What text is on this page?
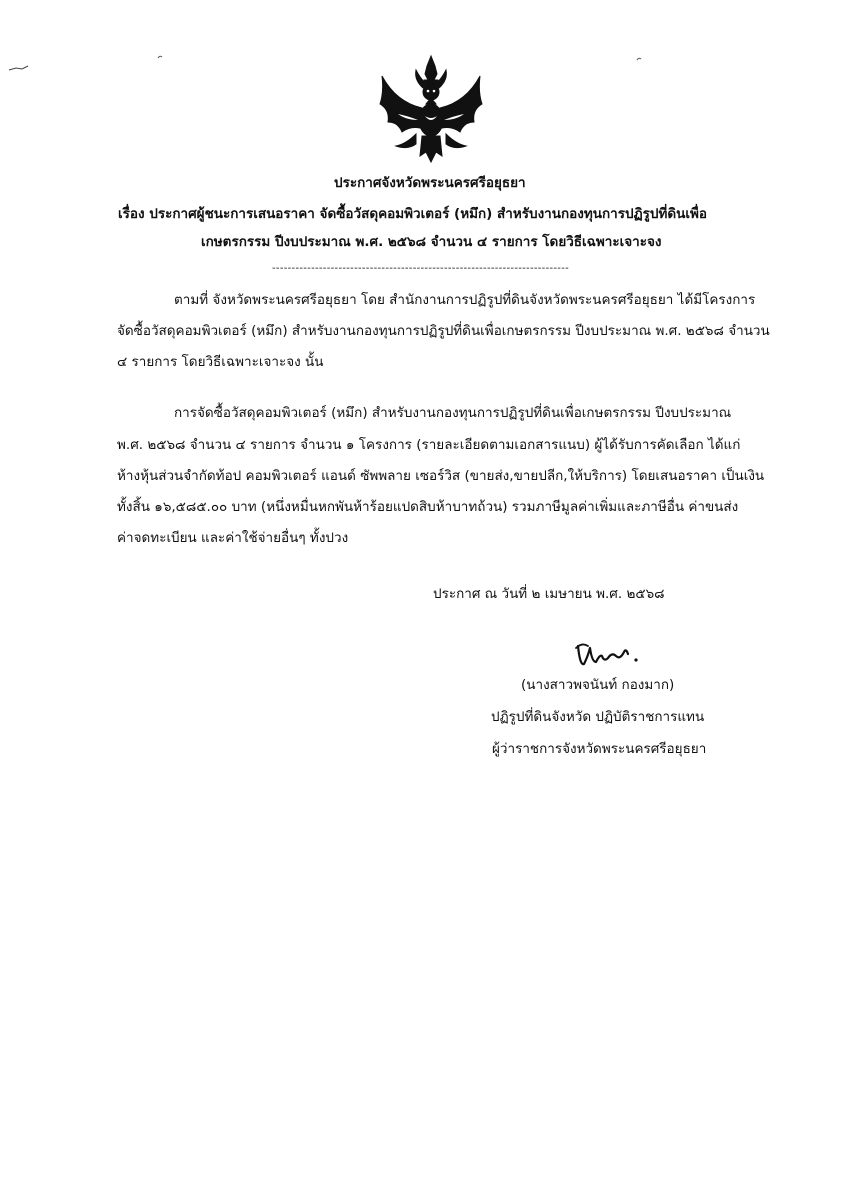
ประกาศจังหวัดพระนครศรีอยุธยา
เรื่อง ประกาศผู้ชนะการเสนอราคา จัดซื้อวัสดุคอมพิวเตอร์ (หมึก) สำหรับงานกองทุนการปฏิรูปที่ดินเพื่อ
เกษตรกรรม ปีงบประมาณ พ.ศ. ๒๕๖๘ จำนวน ๔ รายการ โดยวิธีเฉพาะเจาะจง
----------------------------------------------------------------------------
ตามที่ จังหวัดพระนครศรีอยุธยา โดย สำนักงานการปฏิรูปที่ดินจังหวัดพระนครศรีอยุธยา ได้มีโครงการ
จัดซื้อวัสดุคอมพิวเตอร์ (หมึก) สำหรับงานกองทุนการปฏิรูปที่ดินเพื่อเกษตรกรรม ปีงบประมาณ พ.ศ. ๒๕๖๘ จำนวน
๔ รายการ โดยวิธีเฉพาะเจาะจง นั้น
การจัดซื้อวัสดุคอมพิวเตอร์ (หมึก) สำหรับงานกองทุนการปฏิรูปที่ดินเพื่อเกษตรกรรม ปีงบประมาณ
พ.ศ. ๒๕๖๘ จำนวน ๔ รายการ จำนวน ๑ โครงการ (รายละเอียดตามเอกสารแนบ) ผู้ได้รับการคัดเลือก ได้แก่
ห้างหุ้นส่วนจำกัดท้อป คอมพิวเตอร์ แอนด์ ซัพพลาย เซอร์วิส (ขายส่ง,ขายปลีก,ให้บริการ) โดยเสนอราคา เป็นเงิน
ทั้งสิ้น ๑๖,๕๘๕.๐๐ บาท (หนึ่งหมื่นหกพันห้าร้อยแปดสิบห้าบาทถ้วน) รวมภาษีมูลค่าเพิ่มและภาษีอื่น ค่าขนส่ง
ค่าจดทะเบียน และค่าใช้จ่ายอื่นๆ ทั้งปวง
ประกาศ ณ วันที่ ๒ เมษายน พ.ศ. ๒๕๖๘
(นางสาวพจนันท์ กองมาก)
ปฏิรูปที่ดินจังหวัด ปฏิบัติราชการแทน
ผู้ว่าราชการจังหวัดพระนครศรีอยุธยา
